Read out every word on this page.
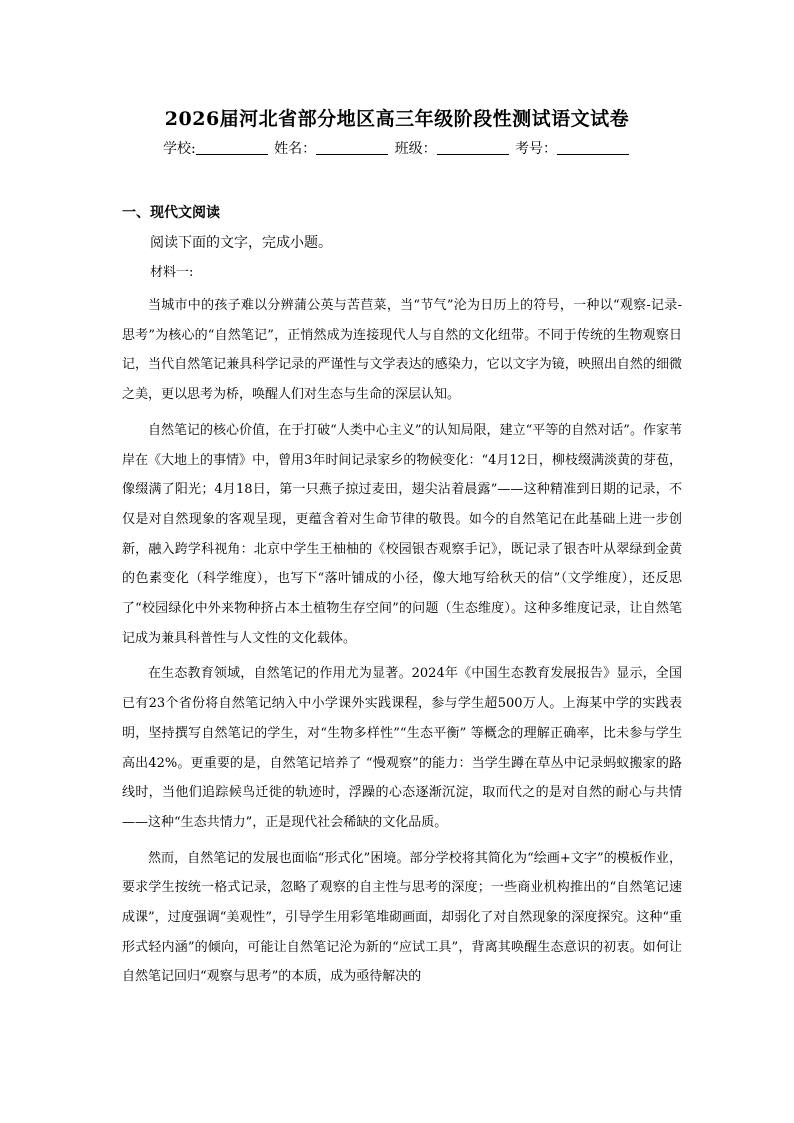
2026届河北省部分地区高三年级阶段性测试语文试卷
学校:	姓名：	班级：	考号：
一、现代文阅读
阅读下面的文字，完成小题。
材料一:

当城市中的孩子难以分辨蒲公英与苦苣菜，当“节气”沦为日历上的符号，一种以“观察-记录-思考”为核心的“自然笔记”，正悄然成为连接现代人与自然的文化纽带。不同于传统的生物观察日记，当代自然笔记兼具科学记录的严谨性与文学表达的感染力，它以文字为镜，映照出自然的细微之美，更以思考为桥，唤醒人们对生态与生命的深层认知。

自然笔记的核心价值，在于打破“人类中心主义”的认知局限，建立“平等的自然对话”。作家苇岸在《大地上的事情》中，曾用3年时间记录家乡的物候变化：“4月12日，柳枝缀满淡黄的芽苞，像缀满了阳光；4月18日，第一只燕子掠过麦田，翅尖沾着晨露”——这种精准到日期的记录，不仅是对自然现象的客观呈现，更蕴含着对生命节律的敬畏。如今的自然笔记在此基础上进一步创新，融入跨学科视角：北京中学生王柚柚的《校园银杏观察手记》，既记录了银杏叶从翠绿到金黄的色素变化（科学维度），也写下“落叶铺成的小径，像大地写给秋天的信”（文学维度），还反思了“校园绿化中外来物种挤占本土植物生存空间”的问题（生态维度）。这种多维度记录，让自然笔记成为兼具科普性与人文性的文化载体。

在生态教育领域，自然笔记的作用尤为显著。2024年《中国生态教育发展报告》显示，全国已有23个省份将自然笔记纳入中小学课外实践课程，参与学生超500万人。上海某中学的实践表明，坚持撰写自然笔记的学生，对“生物多样性”“生态平衡” 等概念的理解正确率，比未参与学生高出42%。更重要的是，自然笔记培养了 “慢观察”的能力：当学生蹲在草丛中记录蚂蚁搬家的路线时，当他们追踪候鸟迁徙的轨迹时，浮躁的心态逐渐沉淀，取而代之的是对自然的耐心与共情——这种“生态共情力”，正是现代社会稀缺的文化品质。

然而，自然笔记的发展也面临“形式化”困境。部分学校将其简化为“绘画+文字”的模板作业，要求学生按统一格式记录，忽略了观察的自主性与思考的深度；一些商业机构推出的“自然笔记速成课”，过度强调“美观性”，引导学生用彩笔堆砌画面，却弱化了对自然现象的深度探究。这种“重形式轻内涵”的倾向，可能让自然笔记沦为新的“应试工具”，背离其唤醒生态意识的初衷。如何让自然笔记回归“观察与思考”的本质，成为亟待解决的
